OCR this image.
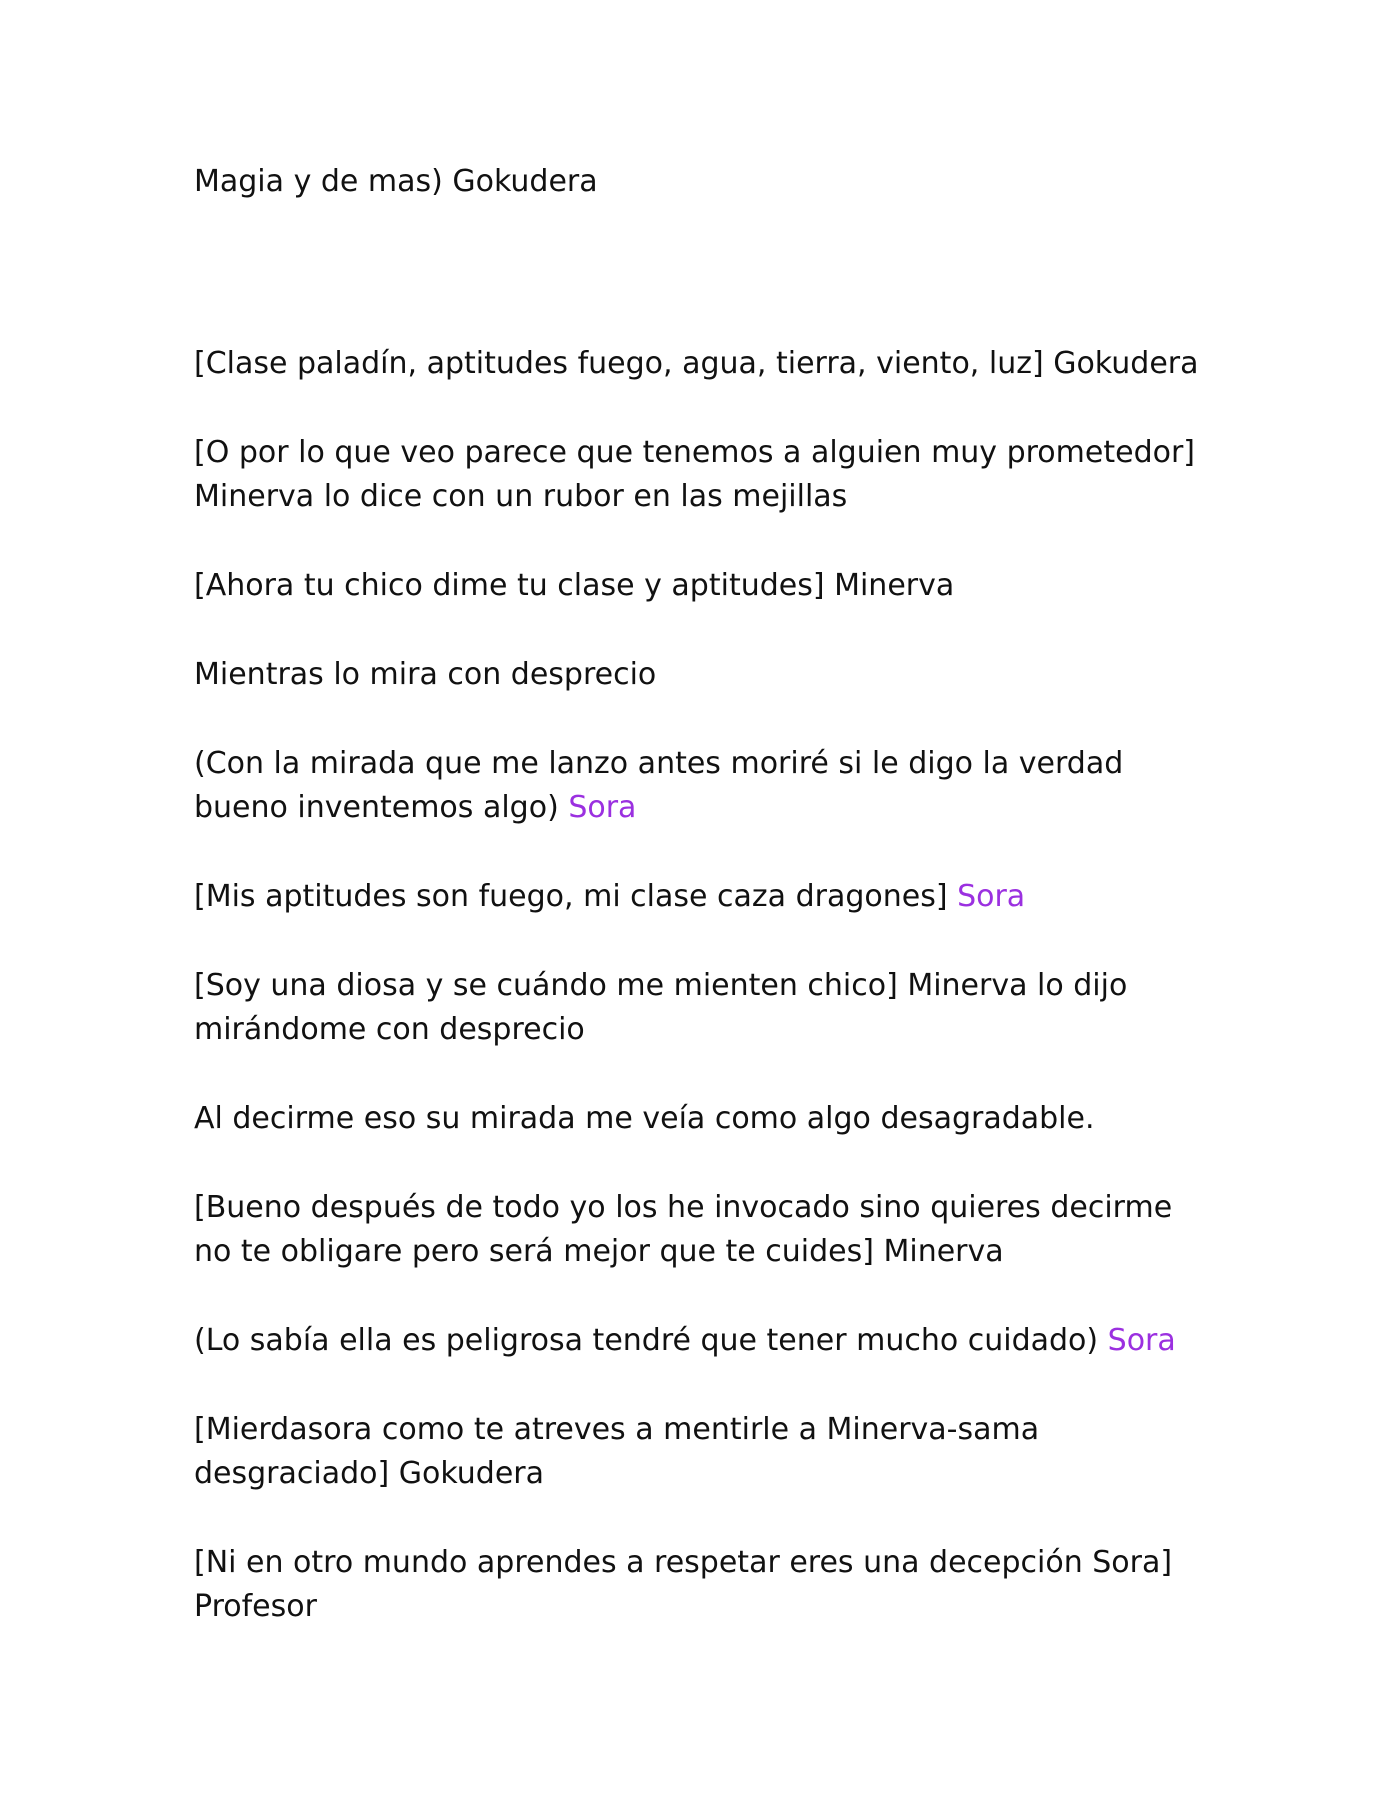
Magia y de mas) Gokudera
[Clase paladín, aptitudes fuego, agua, tierra, viento, luz] Gokudera
[O por lo que veo parece que tenemos a alguien muy prometedor] Minerva lo dice con un rubor en las mejillas
[Ahora tu chico dime tu clase y aptitudes] Minerva
Mientras lo mira con desprecio
(Con la mirada que me lanzo antes moriré si le digo la verdad bueno inventemos algo) Sora
[Mis aptitudes son fuego, mi clase caza dragones] Sora
[Soy una diosa y se cuándo me mienten chico] Minerva lo dijo mirándome con desprecio
Al decirme eso su mirada me veía como algo desagradable.
[Bueno después de todo yo los he invocado sino quieres decirme no te obligare pero será mejor que te cuides] Minerva
(Lo sabía ella es peligrosa tendré que tener mucho cuidado) Sora
[Mierdasora como te atreves a mentirle a Minerva-sama desgraciado] Gokudera
[Ni en otro mundo aprendes a respetar eres una decepción Sora] Profesor
